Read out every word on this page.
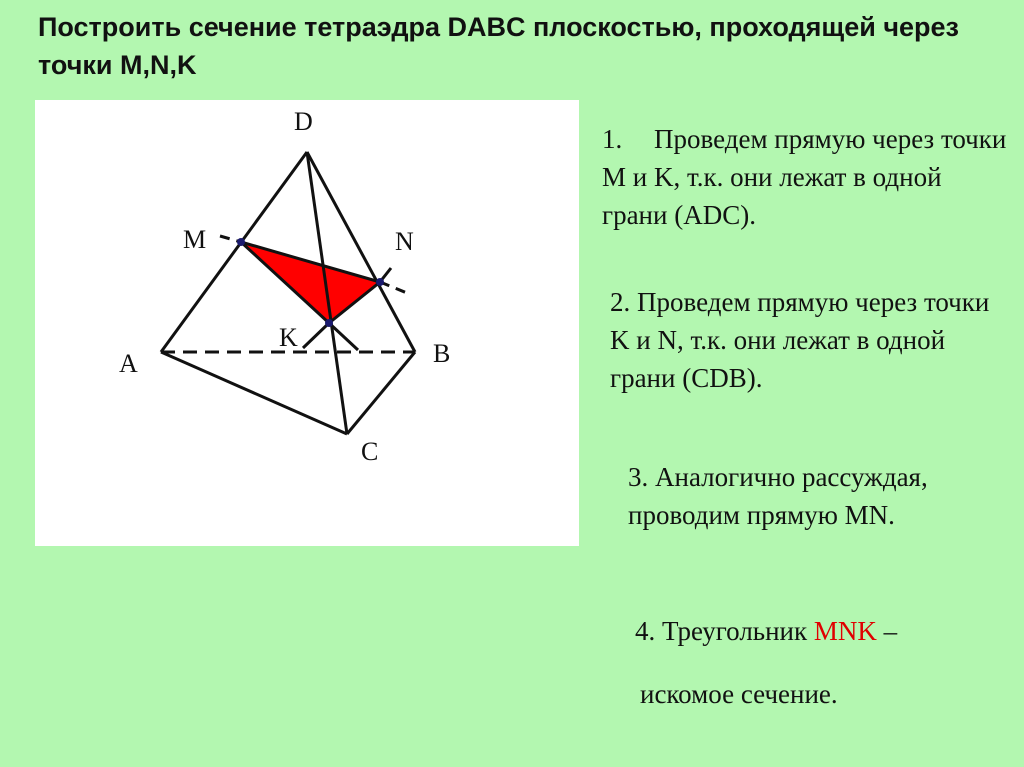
Построить сечение тетраэдра DABC плоскостью, проходящей через точки M,N,K
D
M	N
K
A	B
C
1. Проведем прямую через точки M и K, т.к. они лежат в одной грани (ADC).
2. Проведем прямую через точки K и N, т.к. они лежат в одной грани (CDB).
3. Аналогично рассуждая, проводим прямую MN.
4. Треугольник MNK –
искомое сечение.
